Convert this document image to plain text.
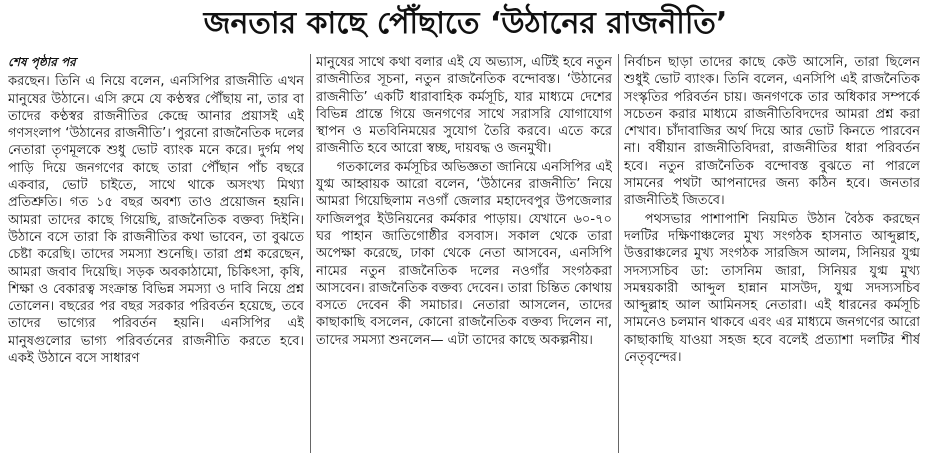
জনতার কাছে পৌঁছাতে ‘উঠানের রাজনীতি’
শেষ পৃষ্ঠার পর

করছেন। তিনি এ নিয়ে বলেন, এনসিপির রাজনীতি এখন মানুষের উঠানে। এসি রুমে যে কণ্ঠস্বর পৌঁছায় না, তার বা তাদের কণ্ঠস্বর রাজনীতির কেন্দ্রে আনার প্রয়াসই এই গণসংলাপ ‘উঠানের রাজনীতি’। পুরনো রাজনৈতিক দলের নেতারা তৃণমূলকে শুধু ভোট ব্যাংক মনে করে। দুর্গম পথ পাড়ি দিয়ে জনগণের কাছে তারা পৌঁছান পাঁচ বছরে একবার, ভোট চাইতে, সাথে থাকে অসংখ্য মিথ্যা প্রতিশ্রুতি। গত ১৫ বছর অবশ্য তাও প্রয়োজন হয়নি। আমরা তাদের কাছে গিয়েছি, রাজনৈতিক বক্তব্য দিইনি। উঠানে বসে তারা কি রাজনীতির কথা ভাবেন, তা বুঝতে চেষ্টা করেছি। তাদের সমস্যা শুনেছি। তারা প্রশ্ন করেছেন, আমরা জবাব দিয়েছি। সড়ক অবকাঠামো, চিকিৎসা, কৃষি, শিক্ষা ও বেকারত্ব সংক্রান্ত বিভিন্ন সমস্যা ও দাবি নিয়ে প্রশ্ন তোলেন। বছরের পর বছর সরকার পরিবর্তন হয়েছে, তবে তাদের ভাগ্যের পরিবর্তন হয়নি। এনসিপির এই মানুষগুলোর ভাগ্য পরিবর্তনের রাজনীতি করতে হবে। একই উঠানে বসে সাধারণ

মানুষের সাথে কথা বলার এই যে অভ্যাস, এটিই হবে নতুন রাজনীতির সূচনা, নতুন রাজনৈতিক বন্দোবস্ত। ‘উঠানের রাজনীতি’ একটি ধারাবাহিক কর্মসূচি, যার মাধ্যমে দেশের বিভিন্ন প্রান্তে গিয়ে জনগণের সাথে সরাসরি যোগাযোগ স্থাপন ও মতবিনিময়ের সুযোগ তৈরি করবে। এতে করে রাজনীতি হবে আরো স্বচ্ছ, দায়বদ্ধ ও জনমুখী।

গতকালের কর্মসূচির অভিজ্ঞতা জানিয়ে এনসিপির এই যুগ্ম আহ্বায়ক আরো বলেন, ‘উঠানের রাজনীতি’ নিয়ে আমরা গিয়েছিলাম নওগাঁ জেলার মহাদেবপুর উপজেলার ফাজিলপুর ইউনিয়নের কর্মকার পাড়ায়। যেখানে ৬০-৭০ ঘর পাহান জাতিগোষ্ঠীর বসবাস। সকাল থেকে তারা অপেক্ষা করেছে, ঢাকা থেকে নেতা আসবেন, এনসিপি নামের নতুন রাজনৈতিক দলের নওগাঁর সংগঠকরা আসবেন। রাজনৈতিক বক্তব্য দেবেন। তারা চিন্তিত কোথায় বসতে দেবেন কী সমাচার। নেতারা আসলেন, তাদের কাছাকাছি বসলেন, কোনো রাজনৈতিক বক্তব্য দিলেন না, তাদের সমস্যা শুনলেন— এটা তাদের কাছে অকল্পনীয়।

নির্বাচন ছাড়া তাদের কাছে কেউ আসেনি, তারা ছিলেন শুধুই ভোট ব্যাংক। তিনি বলেন, এনসিপি এই রাজনৈতিক সংস্কৃতির পরিবর্তন চায়। জনগণকে তার অধিকার সম্পর্কে সচেতন করার মাধ্যমে রাজনীতিবিদদের আমরা প্রশ্ন করা শেখাব। চাঁদাবাজির অর্থ দিয়ে আর ভোট কিনতে পারবেন না। বর্ষীয়ান রাজনীতিবিদরা, রাজনীতির ধারা পরিবর্তন হবে। নতুন রাজনৈতিক বন্দোবস্ত বুঝতে না পারলে সামনের পথটা আপনাদের জন্য কঠিন হবে। জনতার রাজনীতিই জিতবে।

পথসভার পাশাপাশি নিয়মিত উঠান বৈঠক করছেন দলটির দক্ষিণাঞ্চলের মুখ্য সংগঠক হাসনাত আব্দুল্লাহ, উত্তরাঞ্চলের মুখ্য সংগঠক সারজিস আলম, সিনিয়র যুগ্ম সদস্যসচিব ডা: তাসনিম জারা, সিনিয়র যুগ্ম মুখ্য সমন্বয়কারী আব্দুল হান্নান মাসউদ, যুগ্ম সদস্যসচিব আব্দুল্লাহ আল আমিনসহ নেতারা। এই ধারনের কর্মসূচি সামনেও চলমান থাকবে এবং এর মাধ্যমে জনগণের আরো কাছাকাছি যাওয়া সহজ হবে বলেই প্রত্যাশা দলটির শীর্ষ নেতৃবৃন্দের।
